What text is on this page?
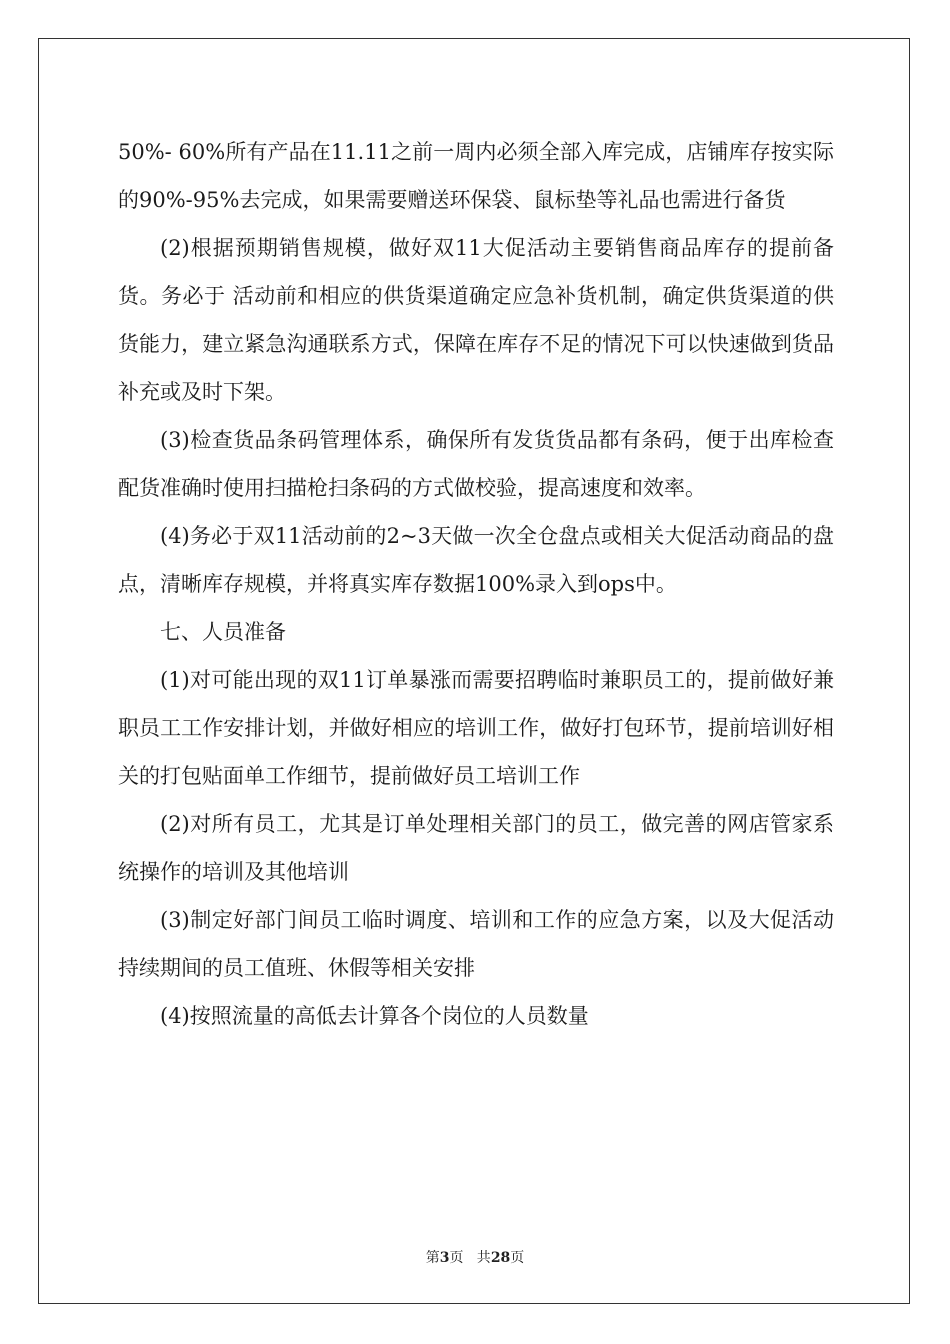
50%- 60%所有产品在11.11之前一周内必须全部入库完成，店铺库存按实际的90%-95%去完成，如果需要赠送环保袋、鼠标垫等礼品也需进行备货

(2)根据预期销售规模，做好双11大促活动主要销售商品库存的提前备 货。务必于 活动前和相应的供货渠道确定应急补货机制，确定供货渠道的供货能力，建立紧急沟通联系方式，保障在库存不足的情况下可以快速做到货品补充或及时下架。

(3)检查货品条码管理体系，确保所有发货货品都有条码，便于出库检查配货准确时使用扫描枪扫条码的方式做校验，提高速度和效率。

(4)务必于双11活动前的2~3天做一次全仓盘点或相关大促活动商品的盘点，清晰库存规模，并将真实库存数据100%录入到ops中。

七、人员准备

(1)对可能出现的双11订单暴涨而需要招聘临时兼职员工的，提前做好兼职员工工作安排计划，并做好相应的培训工作，做好打包环节，提前培训好相关的打包贴面单工作细节，提前做好员工培训工作

(2)对所有员工，尤其是订单处理相关部门的员工，做完善的网店管家系统操作的培训及其他培训

(3)制定好部门间员工临时调度、培训和工作的应急方案，以及大促活动持续期间的员工值班、休假等相关安排

(4)按照流量的高低去计算各个岗位的人员数量

第3页   共28页
